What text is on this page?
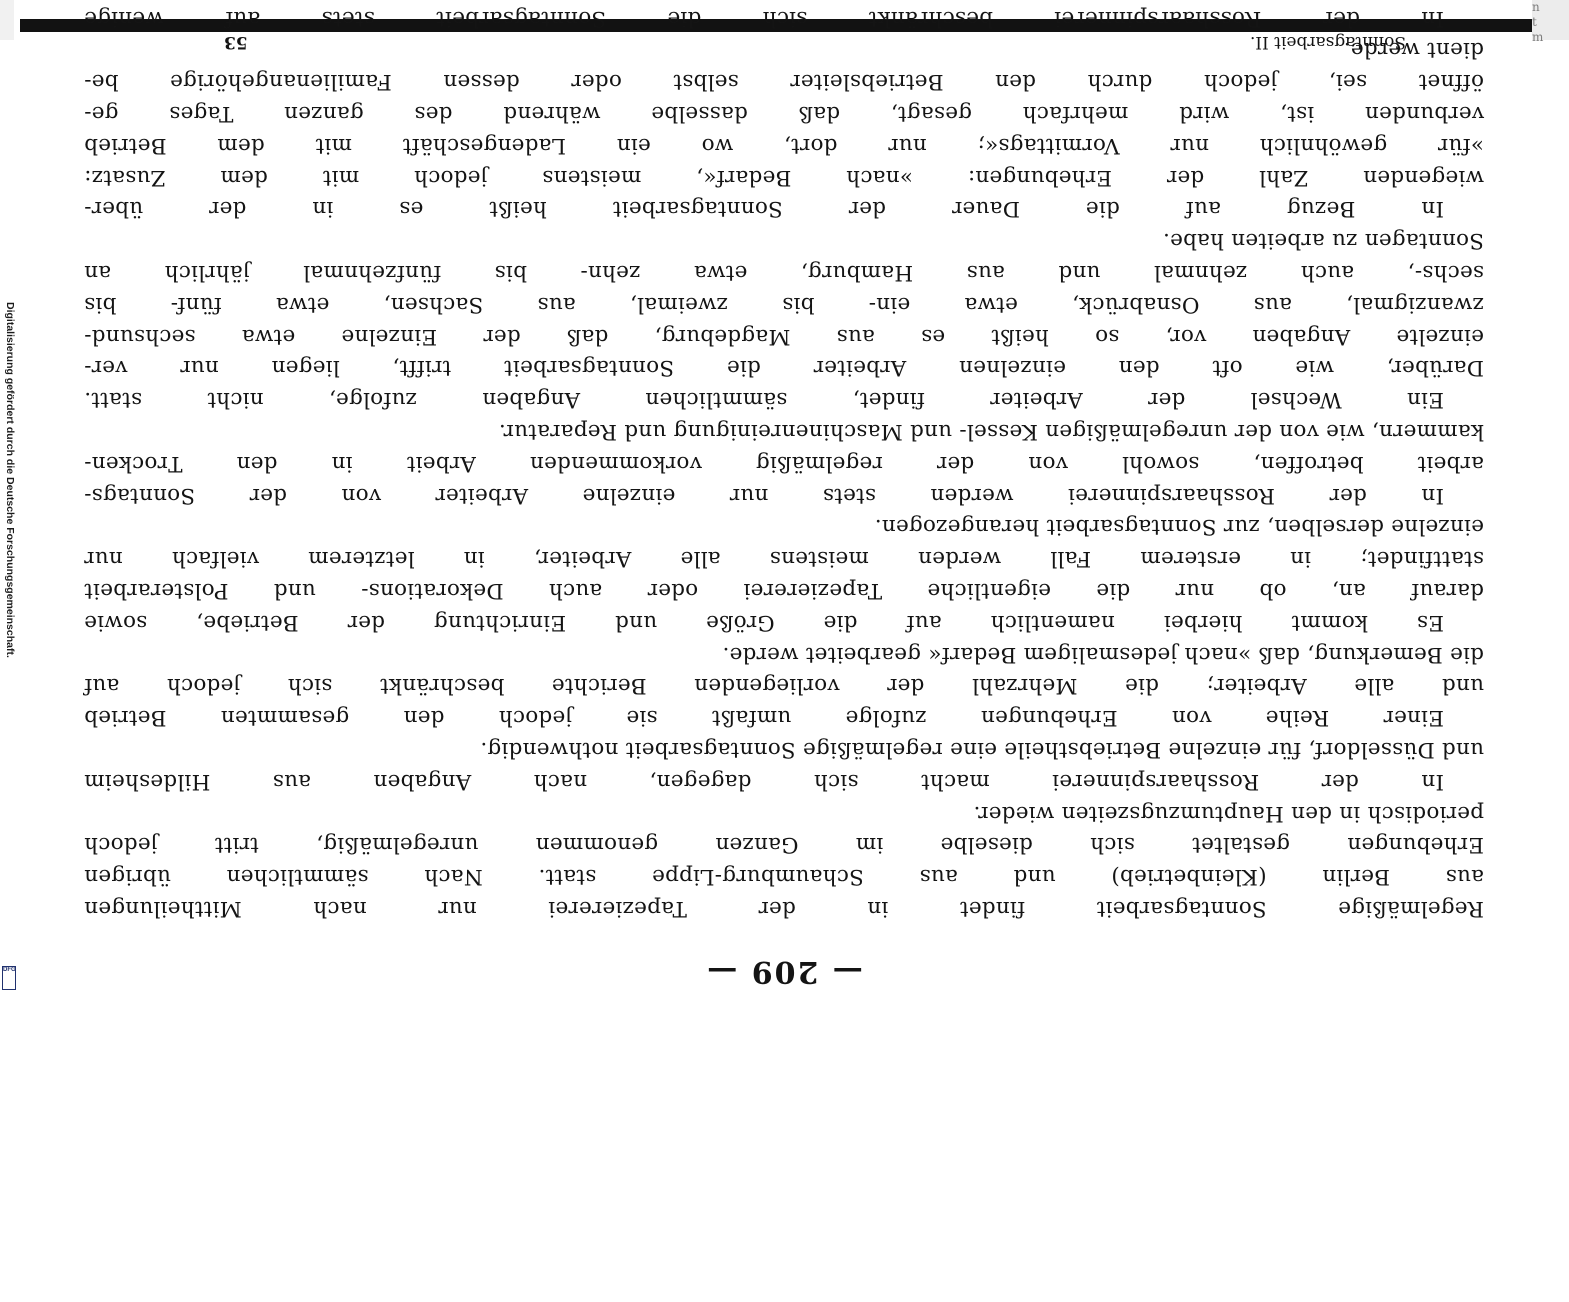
n
t
m
Digitalisierung gefördert durch die Deutsche Forschungsgemeinschaft.
DFG	— 209 —
Regelmäßige Sonntagsarbeit findet in der Tapeziererei nur nach Mittheilungen
aus Berlin (Kleinbetrieb) und aus Schaumburg-Lippe statt. Nach sämmtlichen übrigen
Erhebungen gestaltet sich dieselbe im Ganzen genommen unregelmäßig, tritt jedoch
periodisch in den Hauptumzugszeiten wieder.
In der Rosshaarspinnerei macht sich dagegen, nach Angaben aus Hildesheim
und Düsseldorf, für einzelne Betriebstheile eine regelmäßige Sonntagsarbeit nothwendig.
Einer Reihe von Erhebungen zufolge umfaßt sie jedoch den gesammten Betrieb
und alle Arbeiter; die Mehrzahl der vorliegenden Berichte beschränkt sich jedoch auf
die Bemerkung, daß »nach jedesmaligem Bedarf« gearbeitet werde.
Es kommt hierbei namentlich auf die Größe und Einrichtung der Betriebe, sowie
darauf an, ob nur die eigentliche Tapeziererei oder auch Dekorations- und Polsterarbeit
stattfindet; in ersterem Fall werden meistens alle Arbeiter, in letzterem vielfach nur
einzelne derselben, zur Sonntagsarbeit herangezogen.
In der Rosshaarspinnerei werden stets nur einzelne Arbeiter von der Sonntags-
arbeit betroffen, sowohl von der regelmäßig vorkommenden Arbeit in den Trocken-
kammern, wie von der unregelmäßigen Kessel- und Maschinenreinigung und Reparatur.
Ein Wechsel der Arbeiter findet, sämmtlichen Angaben zufolge, nicht statt.
Darüber, wie oft den einzelnen Arbeiter die Sonntagsarbeit trifft, liegen nur ver-
einzelte Angaben vor, so heißt es aus Magdeburg, daß der Einzelne etwa sechsund-
zwanzigmal, aus Osnabrück, etwa ein- bis zweimal, aus Sachsen, etwa fünf- bis
sechs-, auch zehnmal und aus Hamburg, etwa zehn- bis fünfzehnmal jährlich an
Sonntagen zu arbeiten habe.
In Bezug auf die Dauer der Sonntagsarbeit heißt es in der über-
wiegenden Zahl der Erhebungen: »nach Bedarf«, meistens jedoch mit dem Zusatz:
»für gewöhnlich nur Vormittags«; nur dort, wo ein Ladengeschäft mit dem Betrieb
verbunden ist, wird mehrfach gesagt, daß dasselbe während des ganzen Tages ge-
öffnet sei, jedoch durch den Betriebsleiter selbst oder dessen Familienangehörige be-
dient werde.
In der Rosshaarspinnerei beschränkt sich die Sonntagsarbeit stets auf wenige
Sonntagsarbeit II.
53
